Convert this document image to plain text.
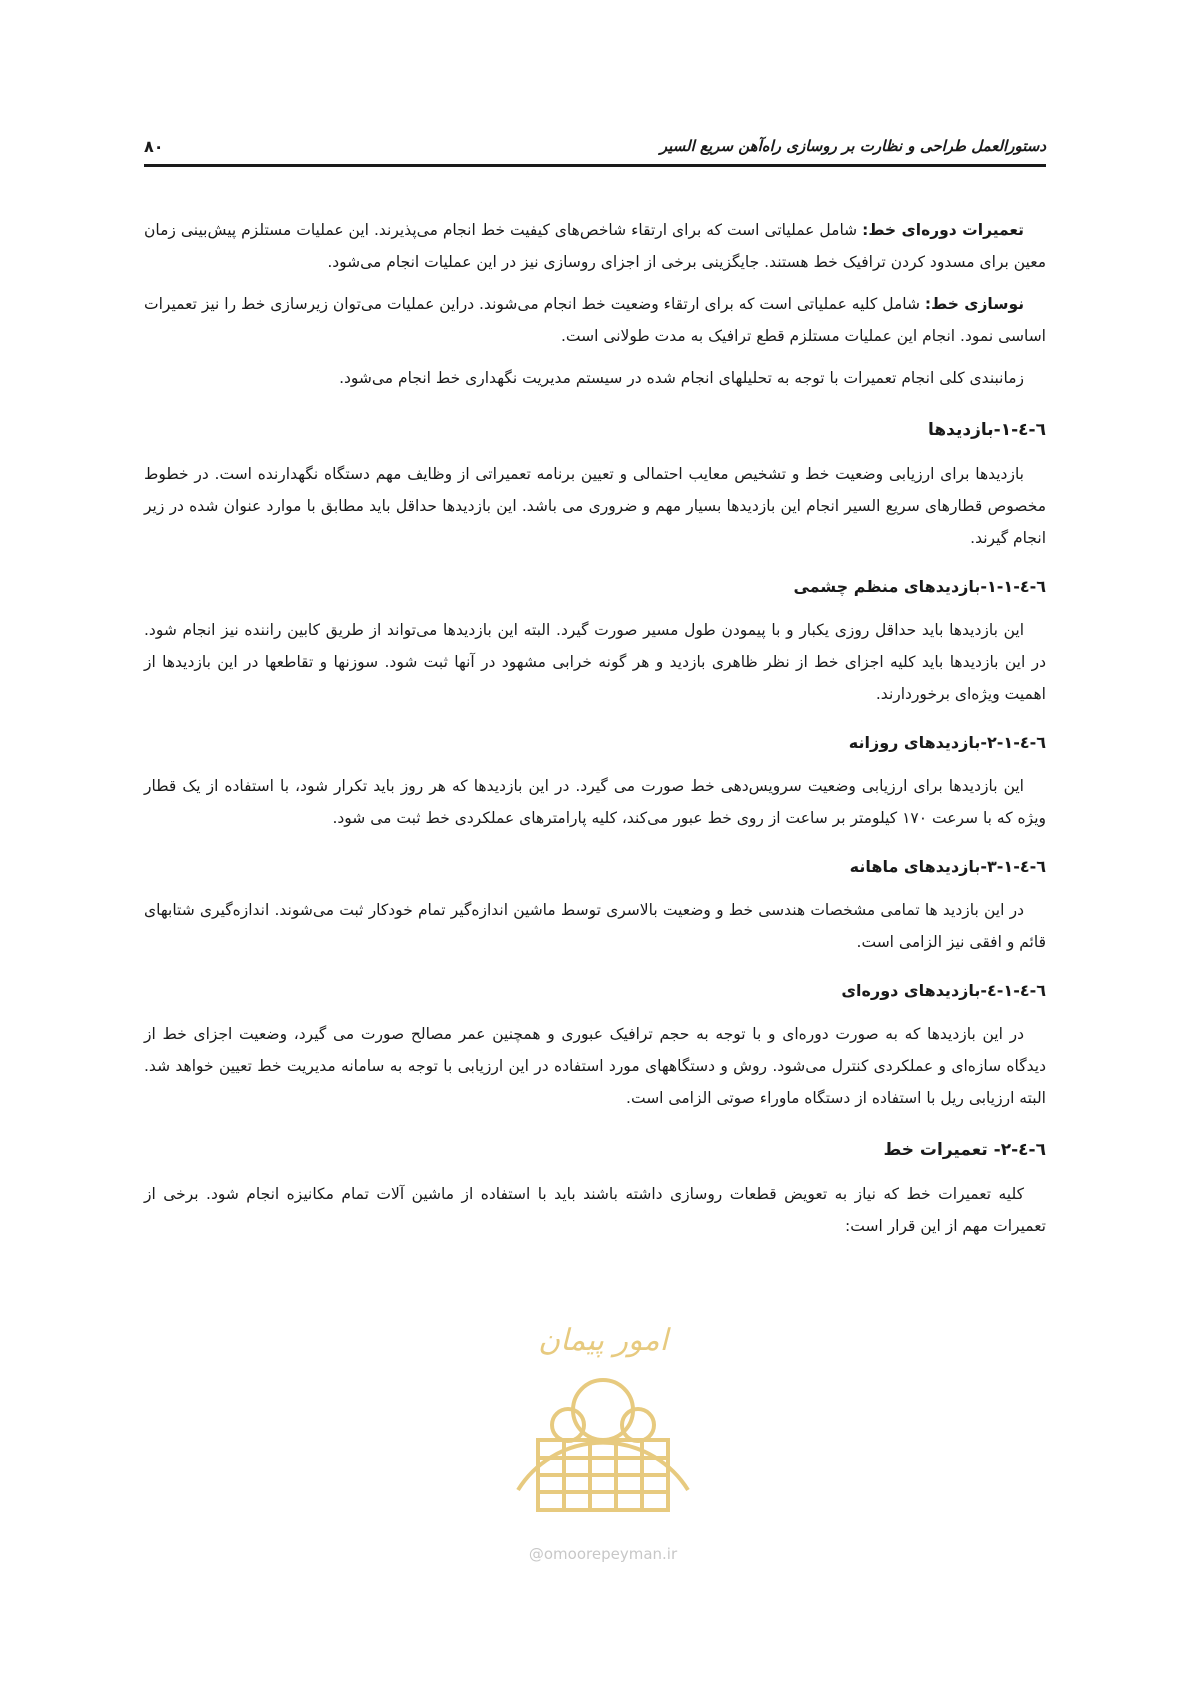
۸۰	دستورالعمل طراحی و نظارت بر روسازی راه‌آهن سریع السیر

تعمیرات دوره‌ای خط: شامل عملیاتی است که برای ارتقاء شاخص‌های کیفیت خط انجام می‌پذیرند. این عملیات مستلزم پیش‌بینی زمان معین برای مسدود کردن ترافیک خط هستند. جایگزینی برخی از اجزای روسازی نیز در این عملیات انجام می‌شود.

نوسازی خط: شامل کلیه عملیاتی است که برای ارتقاء وضعیت خط انجام می‌شوند. دراین عملیات می‌توان زیرسازی خط را نیز تعمیرات اساسی نمود. انجام این عملیات مستلزم قطع ترافیک به مدت طولانی است.

زمانبندی کلی انجام تعمیرات با توجه به تحلیلهای انجام شده در سیستم مدیریت نگهداری خط انجام می‌شود.

٦-٤-١-بازدیدها

بازدیدها برای ارزیابی وضعیت خط و تشخیص معایب احتمالی و تعیین برنامه تعمیراتی از وظایف مهم دستگاه نگهدارنده است. در خطوط مخصوص قطارهای سریع السیر انجام این بازدیدها بسیار مهم و ضروری می باشد. این بازدیدها حداقل باید مطابق با موارد عنوان شده در زیر انجام گیرند.

٦-٤-١-١-بازدیدهای منظم چشمی

این بازدیدها باید حداقل روزی یکبار و با پیمودن طول مسیر صورت گیرد. البته این بازدیدها می‌تواند از طریق کابین راننده نیز انجام شود. در این بازدیدها باید کلیه اجزای خط از نظر ظاهری بازدید و هر گونه خرابی مشهود در آنها ثبت شود. سوزنها و تقاطعها در این بازدیدها از اهمیت ویژه‌ای برخوردارند.

٦-٤-١-٢-بازدیدهای روزانه

این بازدیدها برای ارزیابی وضعیت سرویس‌دهی خط صورت می گیرد. در این بازدیدها که هر روز باید تکرار شود، با استفاده از یک قطار ویژه که با سرعت ۱۷۰ کیلومتر بر ساعت از روی خط عبور می‌کند، کلیه پارامترهای عملکردی خط ثبت می شود.

٦-٤-١-٣-بازدیدهای ماهانه

در این بازدید ها تمامی مشخصات هندسی خط و وضعیت بالاسری توسط ماشین اندازه‌گیر تمام خودکار ثبت می‌شوند. اندازه‌گیری شتابهای قائم و افقی نیز الزامی است.

٦-٤-١-٤-بازدیدهای دوره‌ای

در این بازدیدها که به صورت دوره‌ای و با توجه به حجم ترافیک عبوری و همچنین عمر مصالح صورت می گیرد، وضعیت اجزای خط از دیدگاه سازه‌ای و عملکردی کنترل می‌شود. روش و دستگاههای مورد استفاده در این ارزیابی با توجه به سامانه مدیریت خط تعیین خواهد شد. البته ارزیابی ریل با استفاده از دستگاه ماوراء صوتی الزامی است.

٦-٤-٢- تعمیرات خط

کلیه تعمیرات خط که نیاز به تعویض قطعات روسازی داشته باشند باید با استفاده از ماشین آلات تمام مکانیزه انجام شود. برخی از تعمیرات مهم از این قرار است:

امور پیمان
@omoorepeyman.ir
